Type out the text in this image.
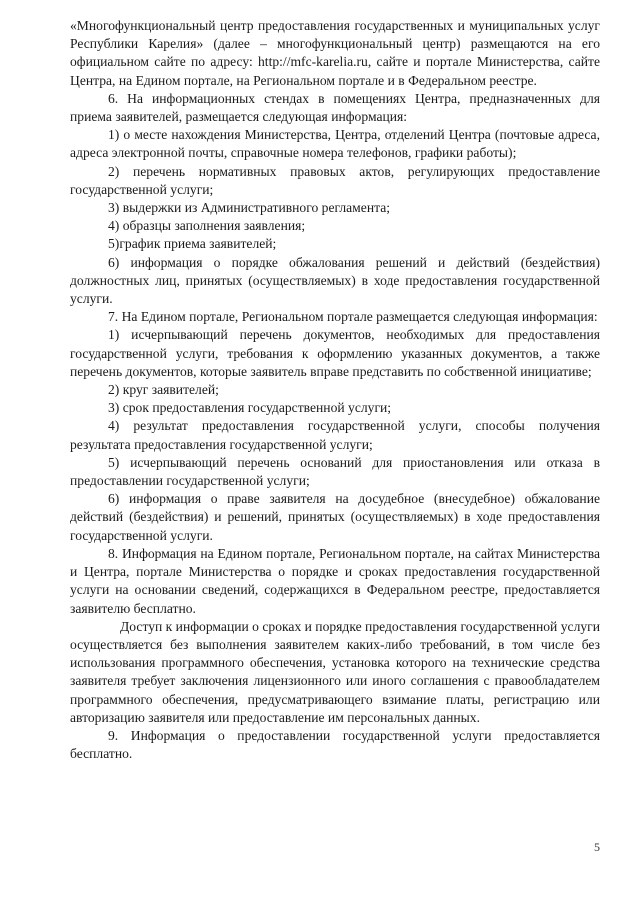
«Многофункциональный центр предоставления государственных и муниципальных услуг Республики Карелия» (далее – многофункциональный центр) размещаются на его официальном сайте по адресу: http://mfc-karelia.ru, сайте и портале Министерства, сайте Центра, на Едином портале, на Региональном портале и в Федеральном реестре.

6. На информационных стендах в помещениях Центра, предназначенных для приема заявителей, размещается следующая информация:

1) о месте нахождения Министерства, Центра, отделений Центра (почтовые адреса, адреса электронной почты, справочные номера телефонов, графики работы);

2) перечень нормативных правовых актов, регулирующих предоставление государственной услуги;

3) выдержки из Административного регламента;

4) образцы заполнения заявления;

5)график приема заявителей;

6) информация о порядке обжалования решений и действий (бездействия) должностных лиц, принятых (осуществляемых) в ходе предоставления государственной услуги.

7. На Едином портале, Региональном портале размещается следующая информация:

1) исчерпывающий перечень документов, необходимых для предоставления государственной услуги, требования к оформлению указанных документов, а также перечень документов, которые заявитель вправе представить по собственной инициативе;

2) круг заявителей;

3) срок предоставления государственной услуги;

4) результат предоставления государственной услуги, способы получения результата предоставления государственной услуги;

5) исчерпывающий перечень оснований для приостановления или отказа в предоставлении государственной услуги;

6) информация о праве заявителя на досудебное (внесудебное) обжалование действий (бездействия) и решений, принятых (осуществляемых) в ходе предоставления государственной услуги.

8. Информация на Едином портале, Региональном портале, на сайтах Министерства и Центра, портале Министерства о порядке и сроках предоставления государственной услуги на основании сведений, содержащихся в Федеральном реестре, предоставляется заявителю бесплатно.

Доступ к информации о сроках и порядке предоставления государственной услуги осуществляется без выполнения заявителем каких-либо требований, в том числе без использования программного обеспечения, установка которого на технические средства заявителя требует заключения лицензионного или иного соглашения с правообладателем программного обеспечения, предусматривающего взимание платы, регистрацию или авторизацию заявителя или предоставление им персональных данных.

9. Информация о предоставлении государственной услуги предоставляется бесплатно.

5
